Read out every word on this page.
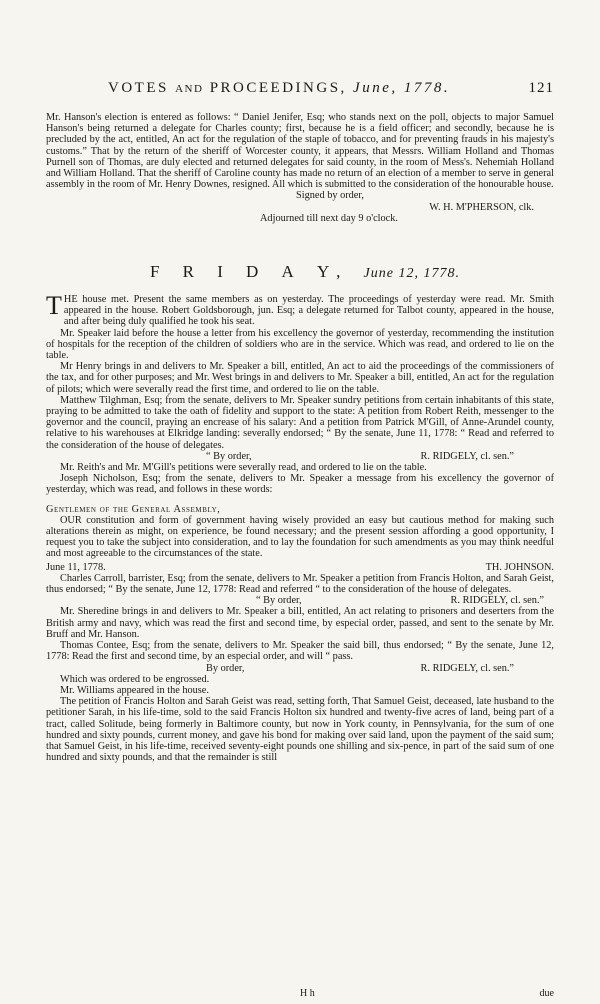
VOTES AND PROCEEDINGS, June, 1778.	121

Mr. Hanson's election is entered as follows: “ Daniel Jenifer, Esq; who stands next on the poll, objects to major Samuel Hanson's being returned a delegate for Charles county; first, because he is a field officer; and secondly, because he is precluded by the act, entitled, An act for the regulation of the staple of tobacco, and for preventing frauds in his majesty's customs.” That by the return of the sheriff of Worcester county, it appears, that Messrs. William Holland and Thomas Purnell son of Thomas, are duly elected and returned delegates for said county, in the room of Mess's. Nehemiah Holland and William Holland. That the sheriff of Caroline county has made no return of an election of a member to serve in general assembly in the room of Mr. Henry Downes, resigned. All which is submitted to the consideration of the honourable house.

Signed by order,

W. H. M'PHERSON, clk.

Adjourned till next day 9 o'clock.

F R I D A Y, June 12, 1778.

THE house met. Present the same members as on yesterday. The proceedings of yesterday were read. Mr. Smith appeared in the house. Robert Goldsborough, jun. Esq; a delegate returned for Talbot county, appeared in the house, and after being duly qualified he took his seat.

Mr. Speaker laid before the house a letter from his excellency the governor of yesterday, recommending the institution of hospitals for the reception of the children of soldiers who are in the service. Which was read, and ordered to lie on the table.

Mr Henry brings in and delivers to Mr. Speaker a bill, entitled, An act to aid the proceedings of the commissioners of the tax, and for other purposes; and Mr. West brings in and delivers to Mr. Speaker a bill, entitled, An act for the regulation of pilots; which were severally read the first time, and ordered to lie on the table.

Matthew Tilghman, Esq; from the senate, delivers to Mr. Speaker sundry petitions from certain inhabitants of this state, praying to be admitted to take the oath of fidelity and support to the state: A petition from Robert Reith, messenger to the governor and the council, praying an encrease of his salary: And a petition from Patrick M'Gill, of Anne-Arundel county, relative to his warehouses at Elkridge landing: severally endorsed; “ By the senate, June 11, 1778: “ Read and referred to the consideration of the house of delegates.

“ By order,	R. RIDGELY, cl. sen.”

Mr. Reith's and Mr. M'Gill's petitions were severally read, and ordered to lie on the table.

Joseph Nicholson, Esq; from the senate, delivers to Mr. Speaker a message from his excellency the governor of yesterday, which was read, and follows in these words:

Gentlemen of the General Assembly,

OUR constitution and form of government having wisely provided an easy but cautious method for making such alterations therein as might, on experience, be found necessary; and the present session affording a good opportunity, I request you to take the subject into consideration, and to lay the foundation for such amendments as you may think needful and most agreeable to the circumstances of the state.

June 11, 1778.	TH. JOHNSON.

Charles Carroll, barrister, Esq; from the senate, delivers to Mr. Speaker a petition from Francis Holton, and Sarah Geist, thus endorsed; “ By the senate, June 12, 1778: Read and referred “ to the consideration of the house of delegates.

“ By order,	R. RIDGELY, cl. sen.”

Mr. Sheredine brings in and delivers to Mr. Speaker a bill, entitled, An act relating to prisoners and deserters from the British army and navy, which was read the first and second time, by especial order, passed, and sent to the senate by Mr. Bruff and Mr. Hanson.

Thomas Contee, Esq; from the senate, delivers to Mr. Speaker the said bill, thus endorsed; “ By the senate, June 12, 1778: Read the first and second time, by an especial order, and will “ pass.

By order,	R. RIDGELY, cl. sen.”

Which was ordered to be engrossed.

Mr. Williams appeared in the house.

The petition of Francis Holton and Sarah Geist was read, setting forth, That Samuel Geist, deceased, late husband to the petitioner Sarah, in his life-time, sold to the said Francis Holton six hundred and twenty-five acres of land, being part of a tract, called Solitude, being formerly in Baltimore county, but now in York county, in Pennsylvania, for the sum of one hundred and sixty pounds, current money, and gave his bond for making over said land, upon the payment of the said sum; that Samuel Geist, in his life-time, received seventy-eight pounds one shilling and six-pence, in part of the said sum of one hundred and sixty pounds, and that the remainder is still

H h	due
